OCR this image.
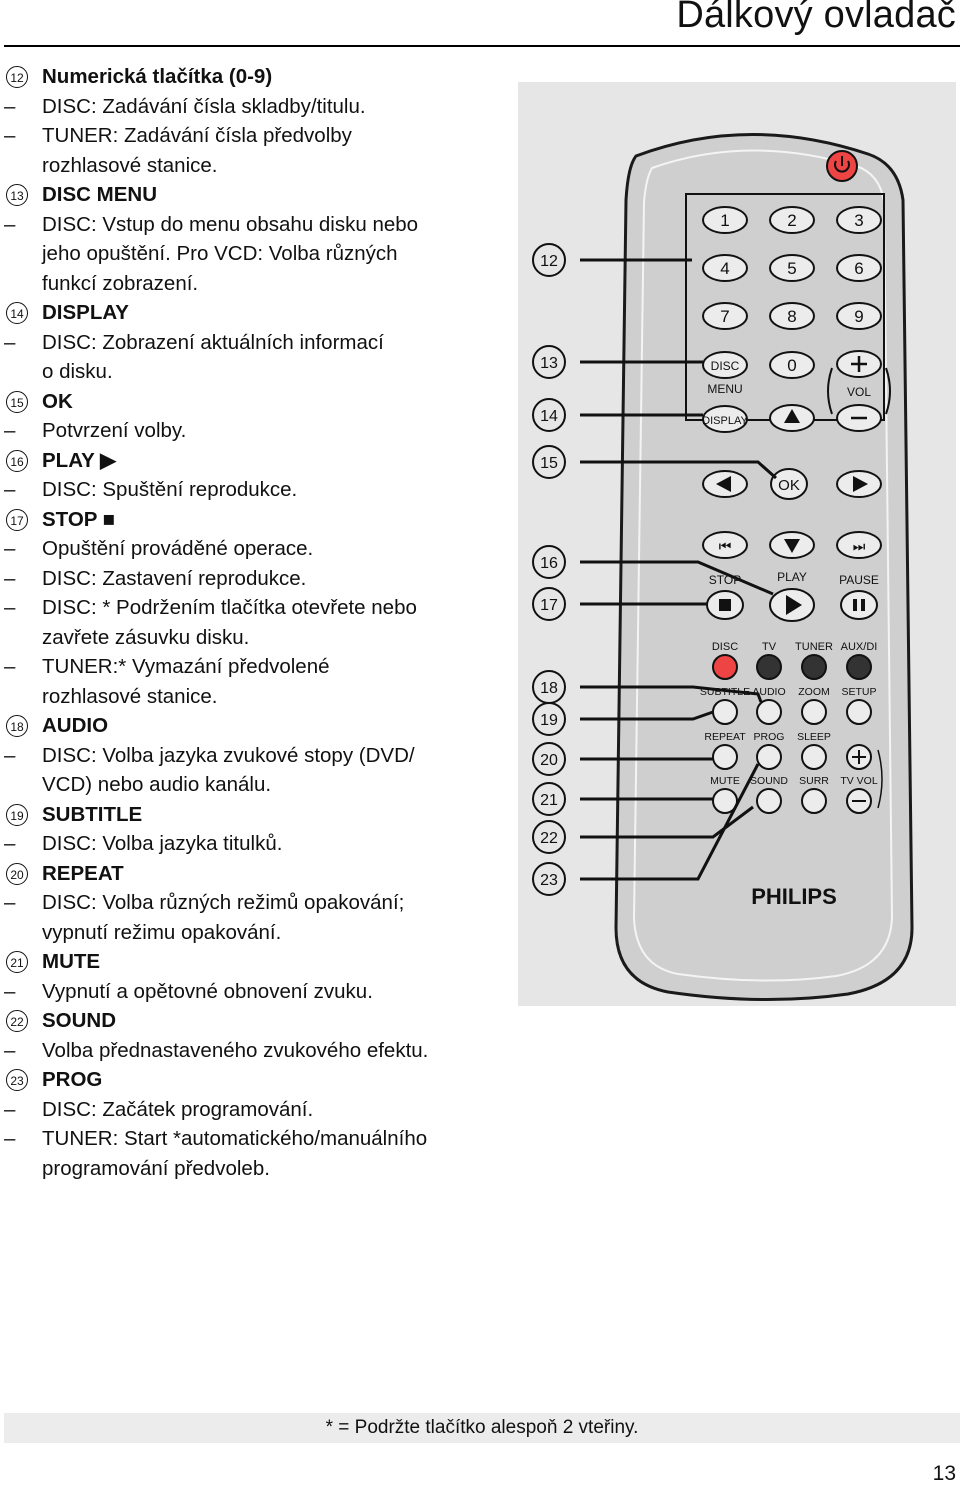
Dálkový ovladač
12 Numerická tlačítka (0-9)
– DISC: Zadávání čísla skladby/titulu.
– TUNER: Zadávání čísla předvolby
rozhlasové stanice.
13 DISC MENU
– DISC: Vstup do menu obsahu disku nebo
jeho opuštění. Pro VCD: Volba různých
funkcí zobrazení.
14 DISPLAY
– DISC: Zobrazení aktuálních informací
o disku.
15 OK
– Potvrzení volby.
16 PLAY ▶
– DISC: Spuštění reprodukce.
17 STOP ■
– Opuštění prováděné operace.
– DISC: Zastavení reprodukce.
– DISC: * Podržením tlačítka otevřete nebo
zavřete zásuvku disku.
– TUNER:* Vymazání předvolené
rozhlasové stanice.
18 AUDIO
– DISC: Volba jazyka zvukové stopy (DVD/
VCD) nebo audio kanálu.
19 SUBTITLE
– DISC: Volba jazyka titulků.
20 REPEAT
– DISC: Volba různých režimů opakování;
vypnutí režimu opakování.
21 MUTE
– Vypnutí a opětovné obnovení zvuku.
22 SOUND
– Volba přednastaveného zvukového efektu.
23 PROG
– DISC: Začátek programování.
– TUNER: Start *automatického/manuálního
programování předvoleb.
1	2	3
4	5	6
7	8	9
0
DISC
MENU
DISPLAY
VOL
OK
⏮	⏭
STOP	PLAY	PAUSE
DISC TV TUNER AUX/DI
SUBTITLE AUDIO ZOOM SETUP
REPEAT PROG SLEEP
MUTE SOUND SURR TV VOL
PHILIPS
12
13
14
15
16
17
18
19
20
21
22
23
* = Podržte tlačítko alespoň 2 vteřiny.
13
